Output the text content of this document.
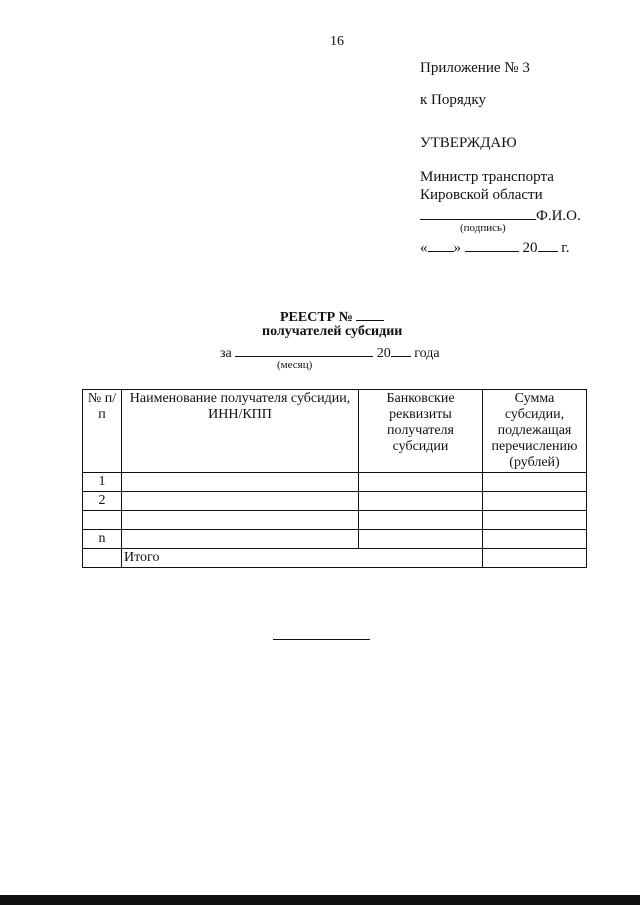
16
Приложение № 3
к Порядку
УТВЕРЖДАЮ
Министр транспорта
Кировской области
Ф.И.О.
(подпись)
« »	20 г.
РЕЕСТР №
получателей субсидии
за	20 года
(месяц)
№ п/п	Наименование получателя субсидии, ИНН/КПП	Банковские реквизиты получателя субсидии	Сумма субсидии, подлежащая перечислению (рублей)
1			
2			

n			
	Итого		
